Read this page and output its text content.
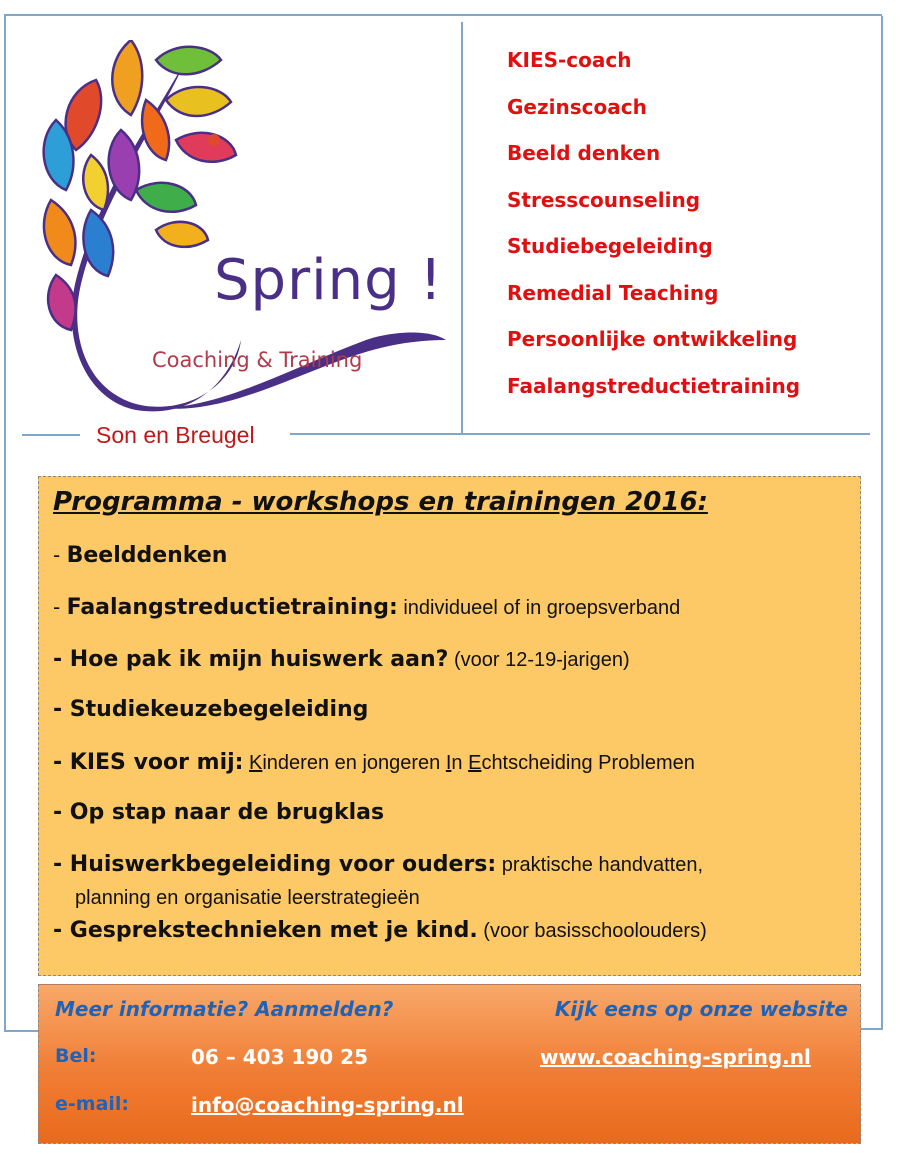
Spring !
Coaching & Training
Son en Breugel
KIES-coach
Gezinscoach
Beeld denken
Stresscounseling
Studiebegeleiding
Remedial Teaching
Persoonlijke ontwikkeling
Faalangstreductietraining
Programma - workshops en trainingen 2016:
- Beelddenken
- Faalangstreductietraining: individueel of in groepsverband
- Hoe pak ik mijn huiswerk aan? (voor 12-19-jarigen)
- Studiekeuzebegeleiding
- KIES voor mij: Kinderen en jongeren In Echtscheiding Problemen
- Op stap naar de brugklas
- Huiswerkbegeleiding voor ouders: praktische handvatten,
planning en organisatie leerstrategieën
- Gesprekstechnieken met je kind. (voor basisschoolouders)
Meer informatie? Aanmelden?	Kijk eens op onze website
Bel:	06 – 403 190 25	www.coaching-spring.nl
e-mail:	info@coaching-spring.nl
